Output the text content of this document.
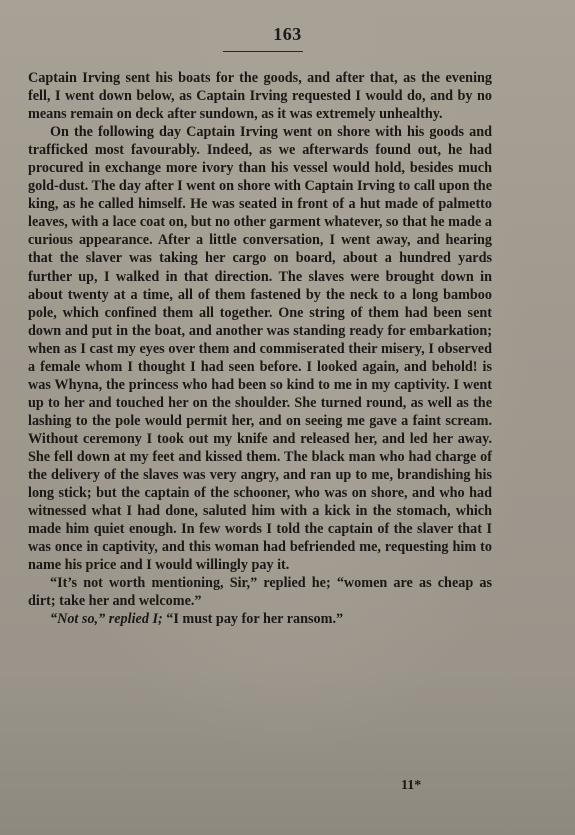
163

Captain Irving sent his boats for the goods, and after that, as the evening fell, I went down below, as Captain Irving requested I would do, and by no means remain on deck after sundown, as it was extremely unhealthy.

On the following day Captain Irving went on shore with his goods and trafficked most favourably. Indeed, as we afterwards found out, he had procured in exchange more ivory than his vessel would hold, besides much gold-dust. The day after I went on shore with Captain Irving to call upon the king, as he called himself. He was seated in front of a hut made of palmetto leaves, with a lace coat on, but no other garment whatever, so that he made a curious appearance. After a little conversation, I went away, and hearing that the slaver was taking her cargo on board, about a hundred yards further up, I walked in that direction. The slaves were brought down in about twenty at a time, all of them fastened by the neck to a long bamboo pole, which confined them all together. One string of them had been sent down and put in the boat, and another was standing ready for embarkation; when as I cast my eyes over them and commiserated their misery, I observed a female whom I thought I had seen before. I looked again, and behold! is was Whyna, the princess who had been so kind to me in my captivity. I went up to her and touched her on the shoulder. She turned round, as well as the lashing to the pole would permit her, and on seeing me gave a faint scream. Without ceremony I took out my knife and released her, and led her away. She fell down at my feet and kissed them. The black man who had charge of the delivery of the slaves was very angry, and ran up to me, brandishing his long stick; but the captain of the schooner, who was on shore, and who had witnessed what I had done, saluted him with a kick in the stomach, which made him quiet enough. In few words I told the captain of the slaver that I was once in captivity, and this woman had befriended me, requesting him to name his price and I would willingly pay it.

“It’s not worth mentioning, Sir,” replied he; “women are as cheap as dirt; take her and welcome.”

“Not so,” replied I; “I must pay for her ransom.”

11*
